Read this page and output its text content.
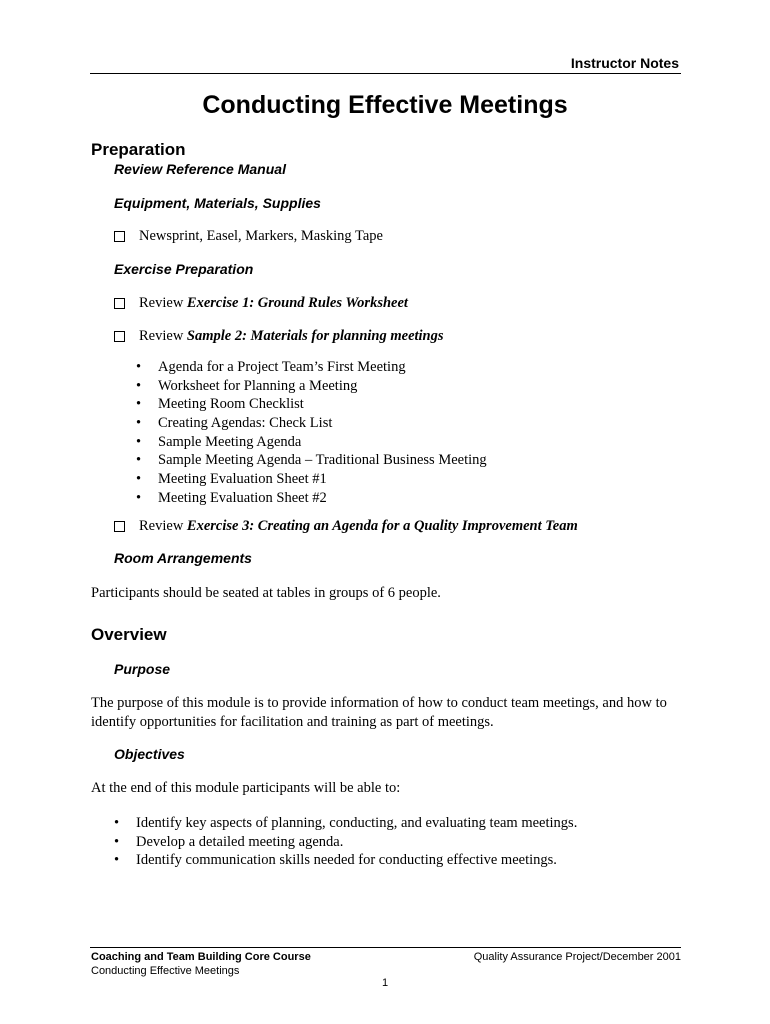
Instructor Notes
Conducting Effective Meetings
Preparation
Review Reference Manual
Equipment, Materials, Supplies
Newsprint, Easel, Markers, Masking Tape
Exercise Preparation
Review
Exercise 1: Ground Rules Worksheet
Review
Sample 2: Materials for planning meetings
• Agenda for a Project Team’s First Meeting
• Worksheet for Planning a Meeting
• Meeting Room Checklist
• Creating Agendas: Check List
• Sample Meeting Agenda
• Sample Meeting Agenda – Traditional Business Meeting
• Meeting Evaluation Sheet #1
• Meeting Evaluation Sheet #2
Review
Exercise 3: Creating an Agenda for a Quality Improvement Team
Room Arrangements
Participants should be seated at tables in groups of 6 people.
Overview
Purpose
The purpose of this module is to provide information of how to conduct team meetings, and how to identify opportunities for facilitation and training as part of meetings.
Objectives
At the end of this module participants will be able to:
• Identify key aspects of planning, conducting, and evaluating team meetings.
• Develop a detailed meeting agenda.
• Identify communication skills needed for conducting effective meetings.
Coaching and Team Building Core Course
Conducting Effective Meetings
Quality Assurance Project/December 2001
1
